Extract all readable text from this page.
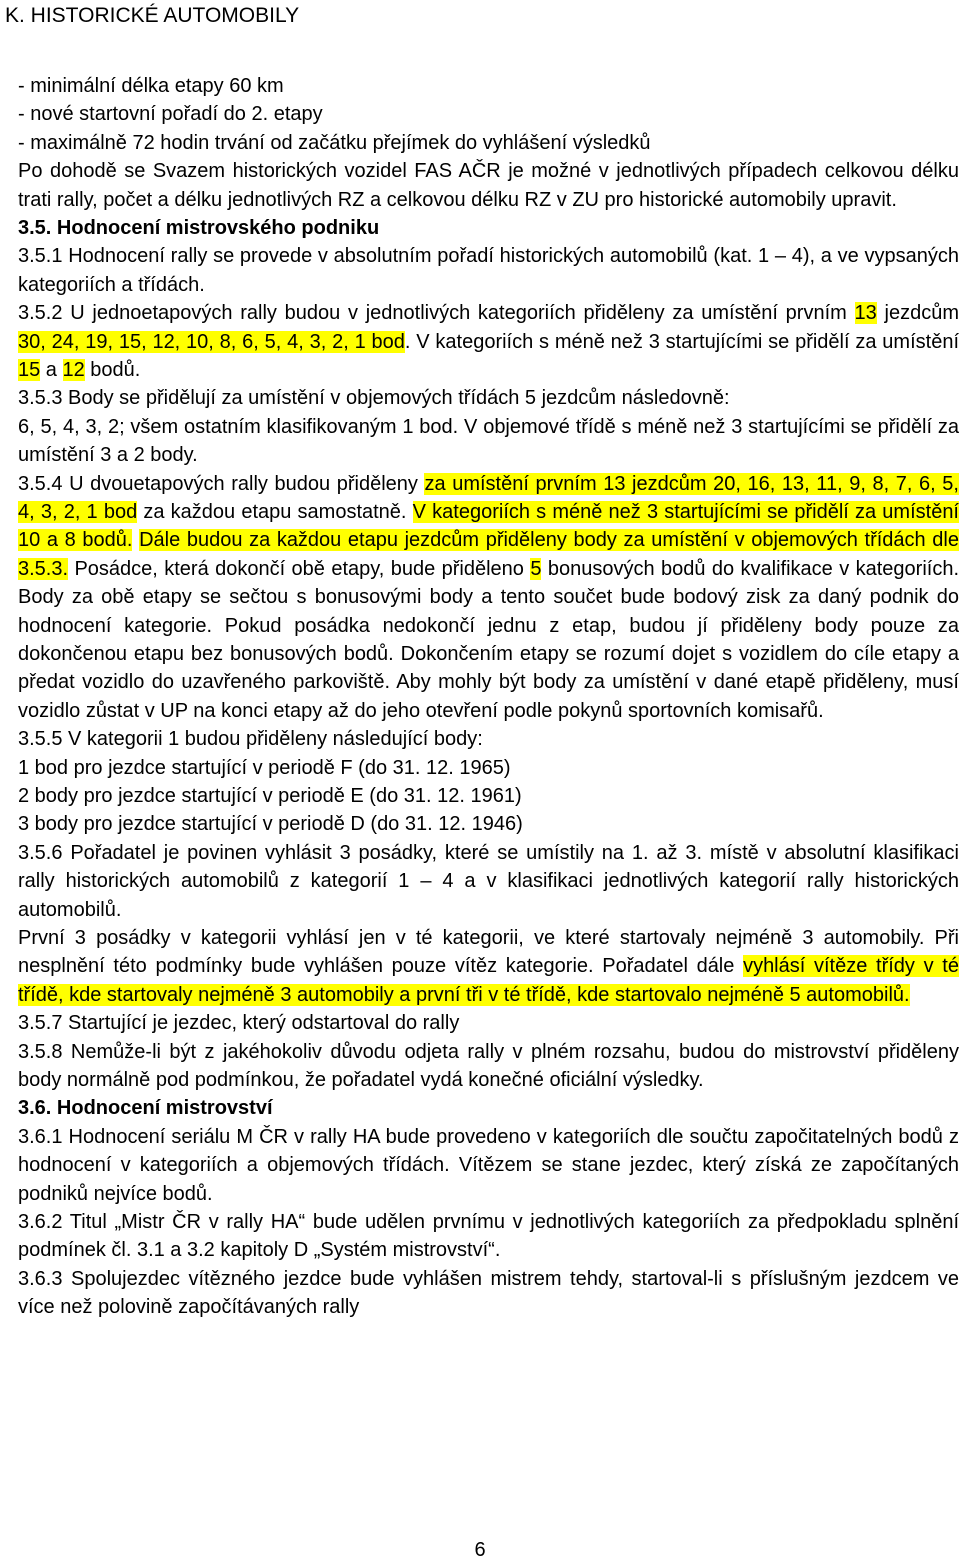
K. HISTORICKÉ AUTOMOBILY
- minimální délka etapy 60 km
- nové startovní pořadí do 2. etapy
- maximálně 72 hodin trvání od začátku přejímek do vyhlášení výsledků
Po dohodě se Svazem historických vozidel FAS AČR je možné v jednotlivých případech celkovou délku trati rally, počet a délku jednotlivých RZ a celkovou délku RZ v ZU pro historické automobily upravit.
3.5. Hodnocení mistrovského podniku
3.5.1 Hodnocení rally se provede v absolutním pořadí historických automobilů (kat. 1 – 4), a ve vypsaných kategoriích a třídách.
3.5.2 U jednoetapových rally budou v jednotlivých kategoriích přiděleny za umístění prvním 13 jezdcům 30, 24, 19, 15, 12, 10, 8, 6, 5, 4, 3, 2, 1 bod. V kategoriích s méně než 3 startujícími se přidělí za umístění 15 a 12 bodů.
3.5.3 Body se přidělují za umístění v objemových třídách 5 jezdcům následovně:
6, 5, 4, 3, 2; všem ostatním klasifikovaným 1 bod. V objemové třídě s méně než 3 startujícími se přidělí za umístění 3 a 2 body.
3.5.4 U dvouetapových rally budou přiděleny za umístění prvním 13 jezdcům 20, 16, 13, 11, 9, 8, 7, 6, 5, 4, 3, 2, 1 bod za každou etapu samostatně. V kategoriích s méně než 3 startujícími se přidělí za umístění 10 a 8 bodů. Dále budou za každou etapu jezdcům přiděleny body za umístění v objemových třídách dle 3.5.3. Posádce, která dokončí obě etapy, bude přiděleno 5 bonusových bodů do kvalifikace v kategoriích. Body za obě etapy se sečtou s bonusovými body a tento součet bude bodový zisk za daný podnik do hodnocení kategorie. Pokud posádka nedokončí jednu z etap, budou jí přiděleny body pouze za dokončenou etapu bez bonusových bodů. Dokončením etapy se rozumí dojet s vozidlem do cíle etapy a předat vozidlo do uzavřeného parkoviště. Aby mohly být body za umístění v dané etapě přiděleny, musí vozidlo zůstat v UP na konci etapy až do jeho otevření podle pokynů sportovních komisařů.
3.5.5 V kategorii 1 budou přiděleny následující body:
1 bod pro jezdce startující v periodě F (do 31. 12. 1965)
2 body pro jezdce startující v periodě E (do 31. 12. 1961)
3 body pro jezdce startující v periodě D (do 31. 12. 1946)
3.5.6 Pořadatel je povinen vyhlásit 3 posádky, které se umístily na 1. až 3. místě v absolutní klasifikaci rally historických automobilů z kategorií 1 – 4 a v klasifikaci jednotlivých kategorií rally historických automobilů.
První 3 posádky v kategorii vyhlásí jen v té kategorii, ve které startovaly nejméně 3 automobily. Při nesplnění této podmínky bude vyhlášen pouze vítěz kategorie. Pořadatel dále vyhlásí vítěze třídy v té třídě, kde startovaly nejméně 3 automobily a první tři v té třídě, kde startovalo nejméně 5 automobilů.
3.5.7 Startující je jezdec, který odstartoval do rally
3.5.8 Nemůže-li být z jakéhokoliv důvodu odjeta rally v plném rozsahu, budou do mistrovství přiděleny body normálně pod podmínkou, že pořadatel vydá konečné oficiální výsledky.
3.6. Hodnocení mistrovství
3.6.1 Hodnocení seriálu M ČR v rally HA bude provedeno v kategoriích dle součtu započitatelných bodů z hodnocení v kategoriích a objemových třídách. Vítězem se stane jezdec, který získá ze započítaných podniků nejvíce bodů.
3.6.2 Titul „Mistr ČR v rally HA“ bude udělen prvnímu v jednotlivých kategoriích za předpokladu splnění podmínek čl. 3.1 a 3.2 kapitoly D „Systém mistrovství“.
3.6.3 Spolujezdec vítězného jezdce bude vyhlášen mistrem tehdy, startoval-li s příslušným jezdcem ve více než polovině započítávaných rally
6
